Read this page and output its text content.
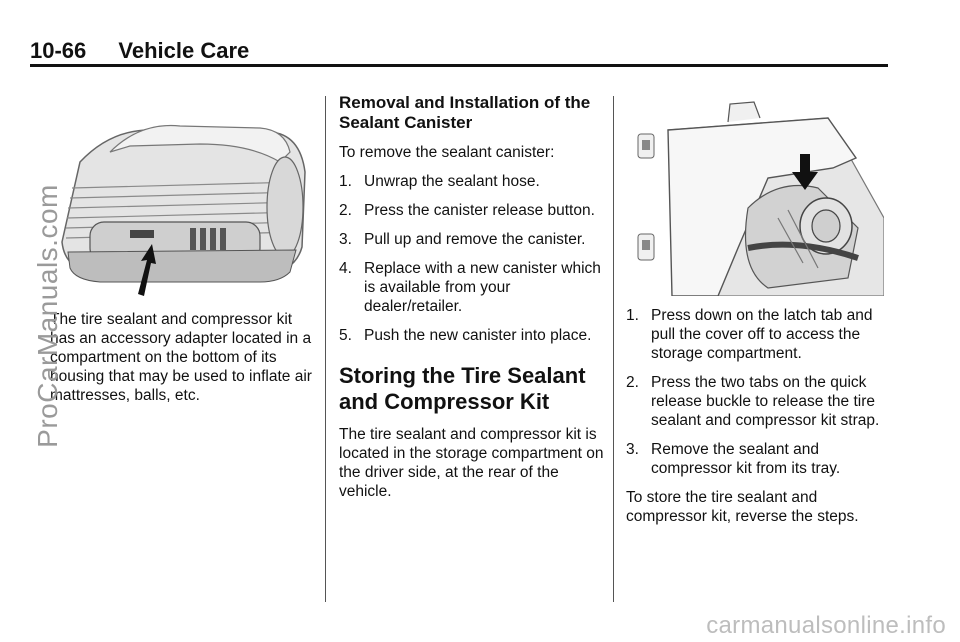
10-66 Vehicle Care

The tire sealant and compressor kit has an accessory adapter located in a compartment on the bottom of its housing that may be used to inflate air mattresses, balls, etc.

Removal and Installation of the Sealant Canister

To remove the sealant canister:

1. Unwrap the sealant hose.
2. Press the canister release button.
3. Pull up and remove the canister.
4. Replace with a new canister which is available from your dealer/retailer.
5. Push the new canister into place.
Storing the Tire Sealant and Compressor Kit

The tire sealant and compressor kit is located in the storage compartment on the driver side, at the rear of the vehicle.

1. Press down on the latch tab and pull the cover off to access the storage compartment.
2. Press the two tabs on the quick release buckle to release the tire sealant and compressor kit strap.
3. Remove the sealant and compressor kit from its tray.

To store the tire sealant and compressor kit, reverse the steps.

ProCarManuals.com
carmanualsonline.info
